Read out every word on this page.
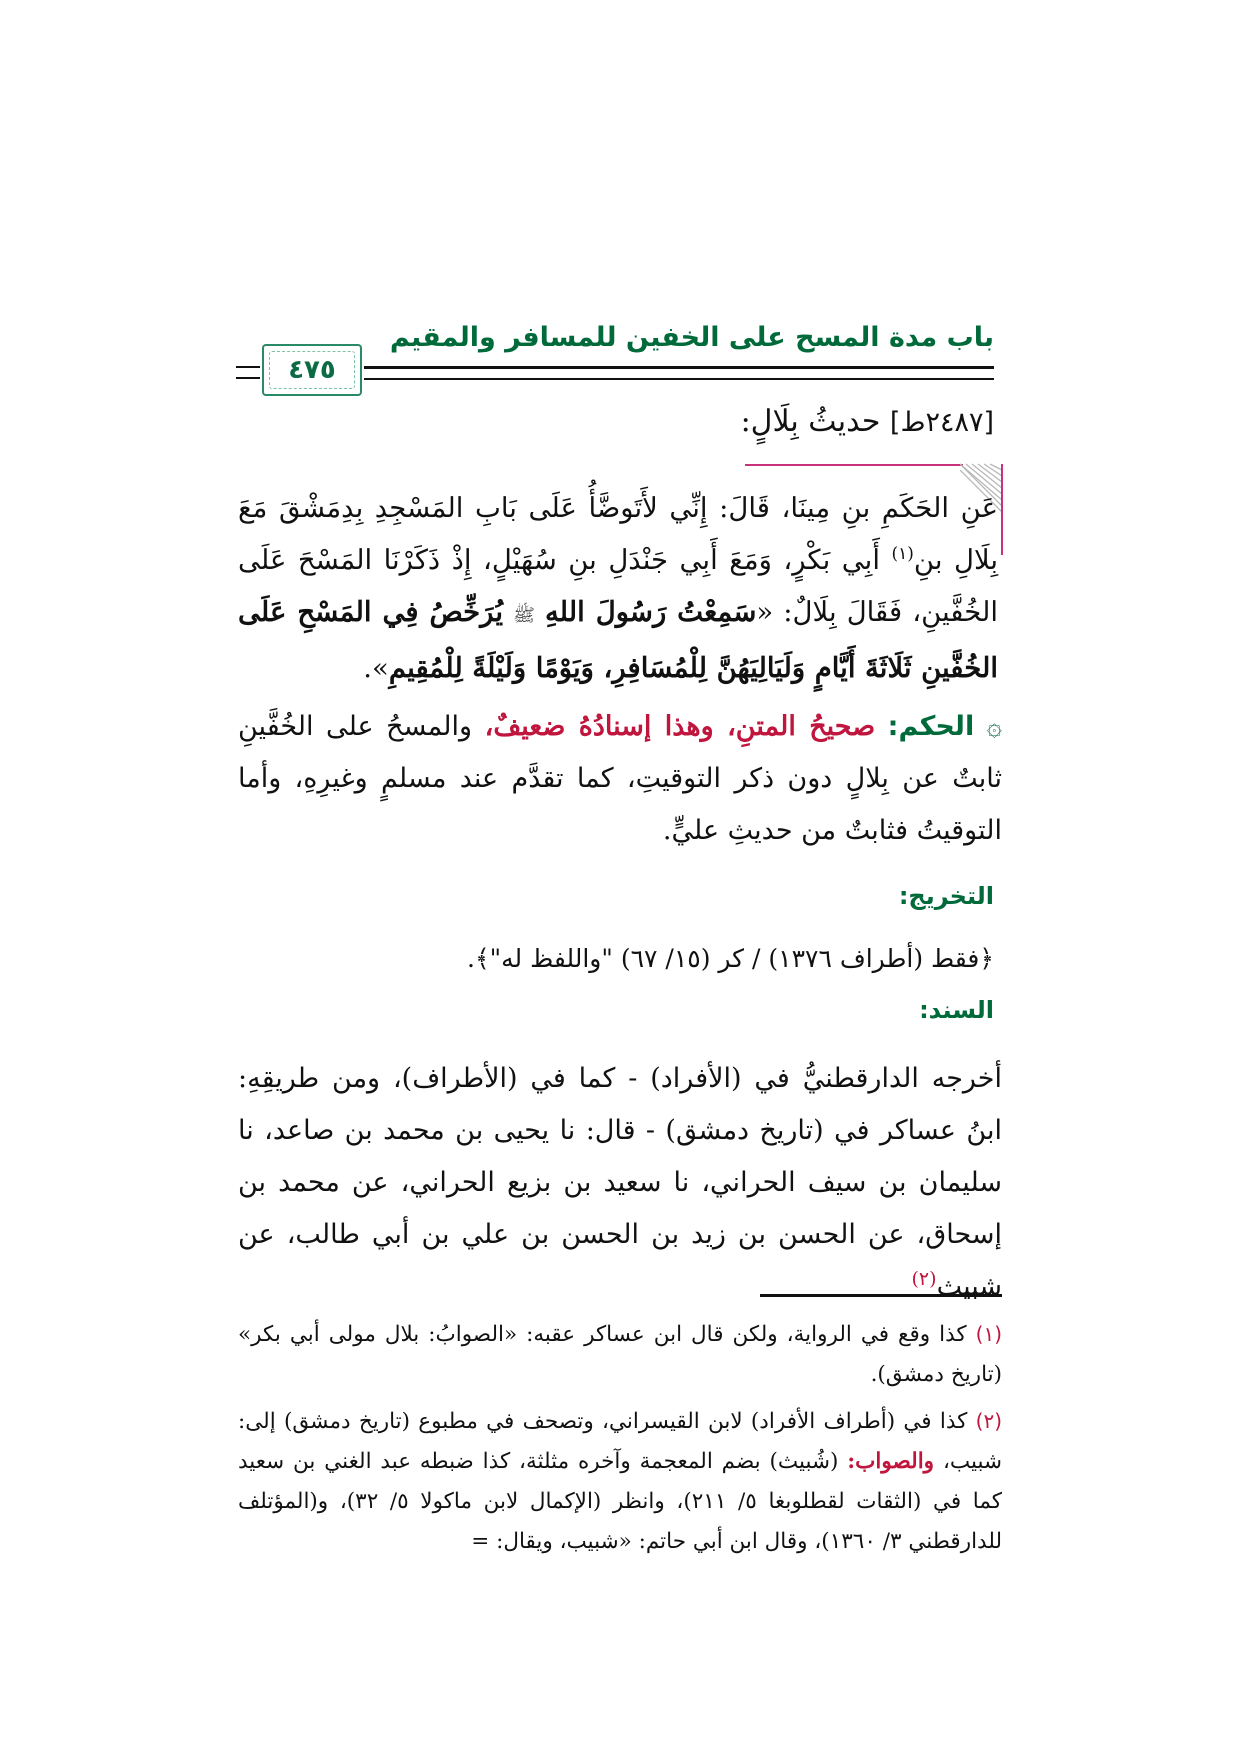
باب مدة المسح على الخفين للمسافر والمقيم
٤٧٥
[٢٤٨٧ط] حديثُ بِلَالٍ:
عَنِ الحَكَمِ بنِ مِينَا، قَالَ: إِنِّي لأَتَوضَّأُ عَلَى بَابِ المَسْجِدِ بِدِمَشْقَ مَعَ بِلَالِ بنِ$^{(١)}$ أَبِي بَكْرٍ، وَمَعَ أَبِي جَنْدَلِ بنِ سُهَيْلٍ، إِذْ ذَكَرْنَا المَسْحَ عَلَى الخُفَّينِ، فَقَالَ بِلَالٌ: «سَمِعْتُ رَسُولَ اللهِ ﷺ يُرَخِّصُ فِي المَسْحِ عَلَى الخُفَّينِ ثَلَاثَةَ أَيَّامٍ وَلَيَالِيَهُنَّ لِلْمُسَافِرِ، وَيَوْمًا وَلَيْلَةً لِلْمُقِيمِ».
۞ الحكم: صحيحُ المتنِ، وهذا إسنادُهُ ضعيفٌ، والمسحُ على الخُفَّينِ ثابتٌ عن بِلالٍ دون ذكر التوقيتِ، كما تقدَّم عند مسلمٍ وغيرِهِ، وأما التوقيتُ فثابتٌ من حديثِ عليٍّ.
التخريج:
﴿فقط (أطراف ١٣٧٦) / كر (١٥/ ٦٧) "واللفظ له"﴾.
السند:
أخرجه الدارقطنيُّ في (الأفراد) - كما في (الأطراف)، ومن طريقِهِ: ابنُ عساكر في (تاريخ دمشق) - قال: نا يحيى بن محمد بن صاعد، نا سليمان بن سيف الحراني، نا سعيد بن بزيع الحراني، عن محمد بن إسحاق، عن الحسن بن زيد بن الحسن بن علي بن أبي طالب، عن شبيث$^{(٢)}$
(١) كذا وقع في الرواية، ولكن قال ابن عساكر عقبه: «الصوابُ: بلال مولى أبي بكر» (تاريخ دمشق).
(٢) كذا في (أطراف الأفراد) لابن القيسراني، وتصحف في مطبوع (تاريخ دمشق) إلى: شبيب، والصواب: (شُبيث) بضم المعجمة وآخره مثلثة، كذا ضبطه عبد الغني بن سعيد كما في (الثقات لقطلوبغا ٥/ ٢١١)، وانظر (الإكمال لابن ماكولا ٥/ ٣٢)، و(المؤتلف للدارقطني ٣/ ١٣٦٠)، وقال ابن أبي حاتم: «شبيب، ويقال: =
